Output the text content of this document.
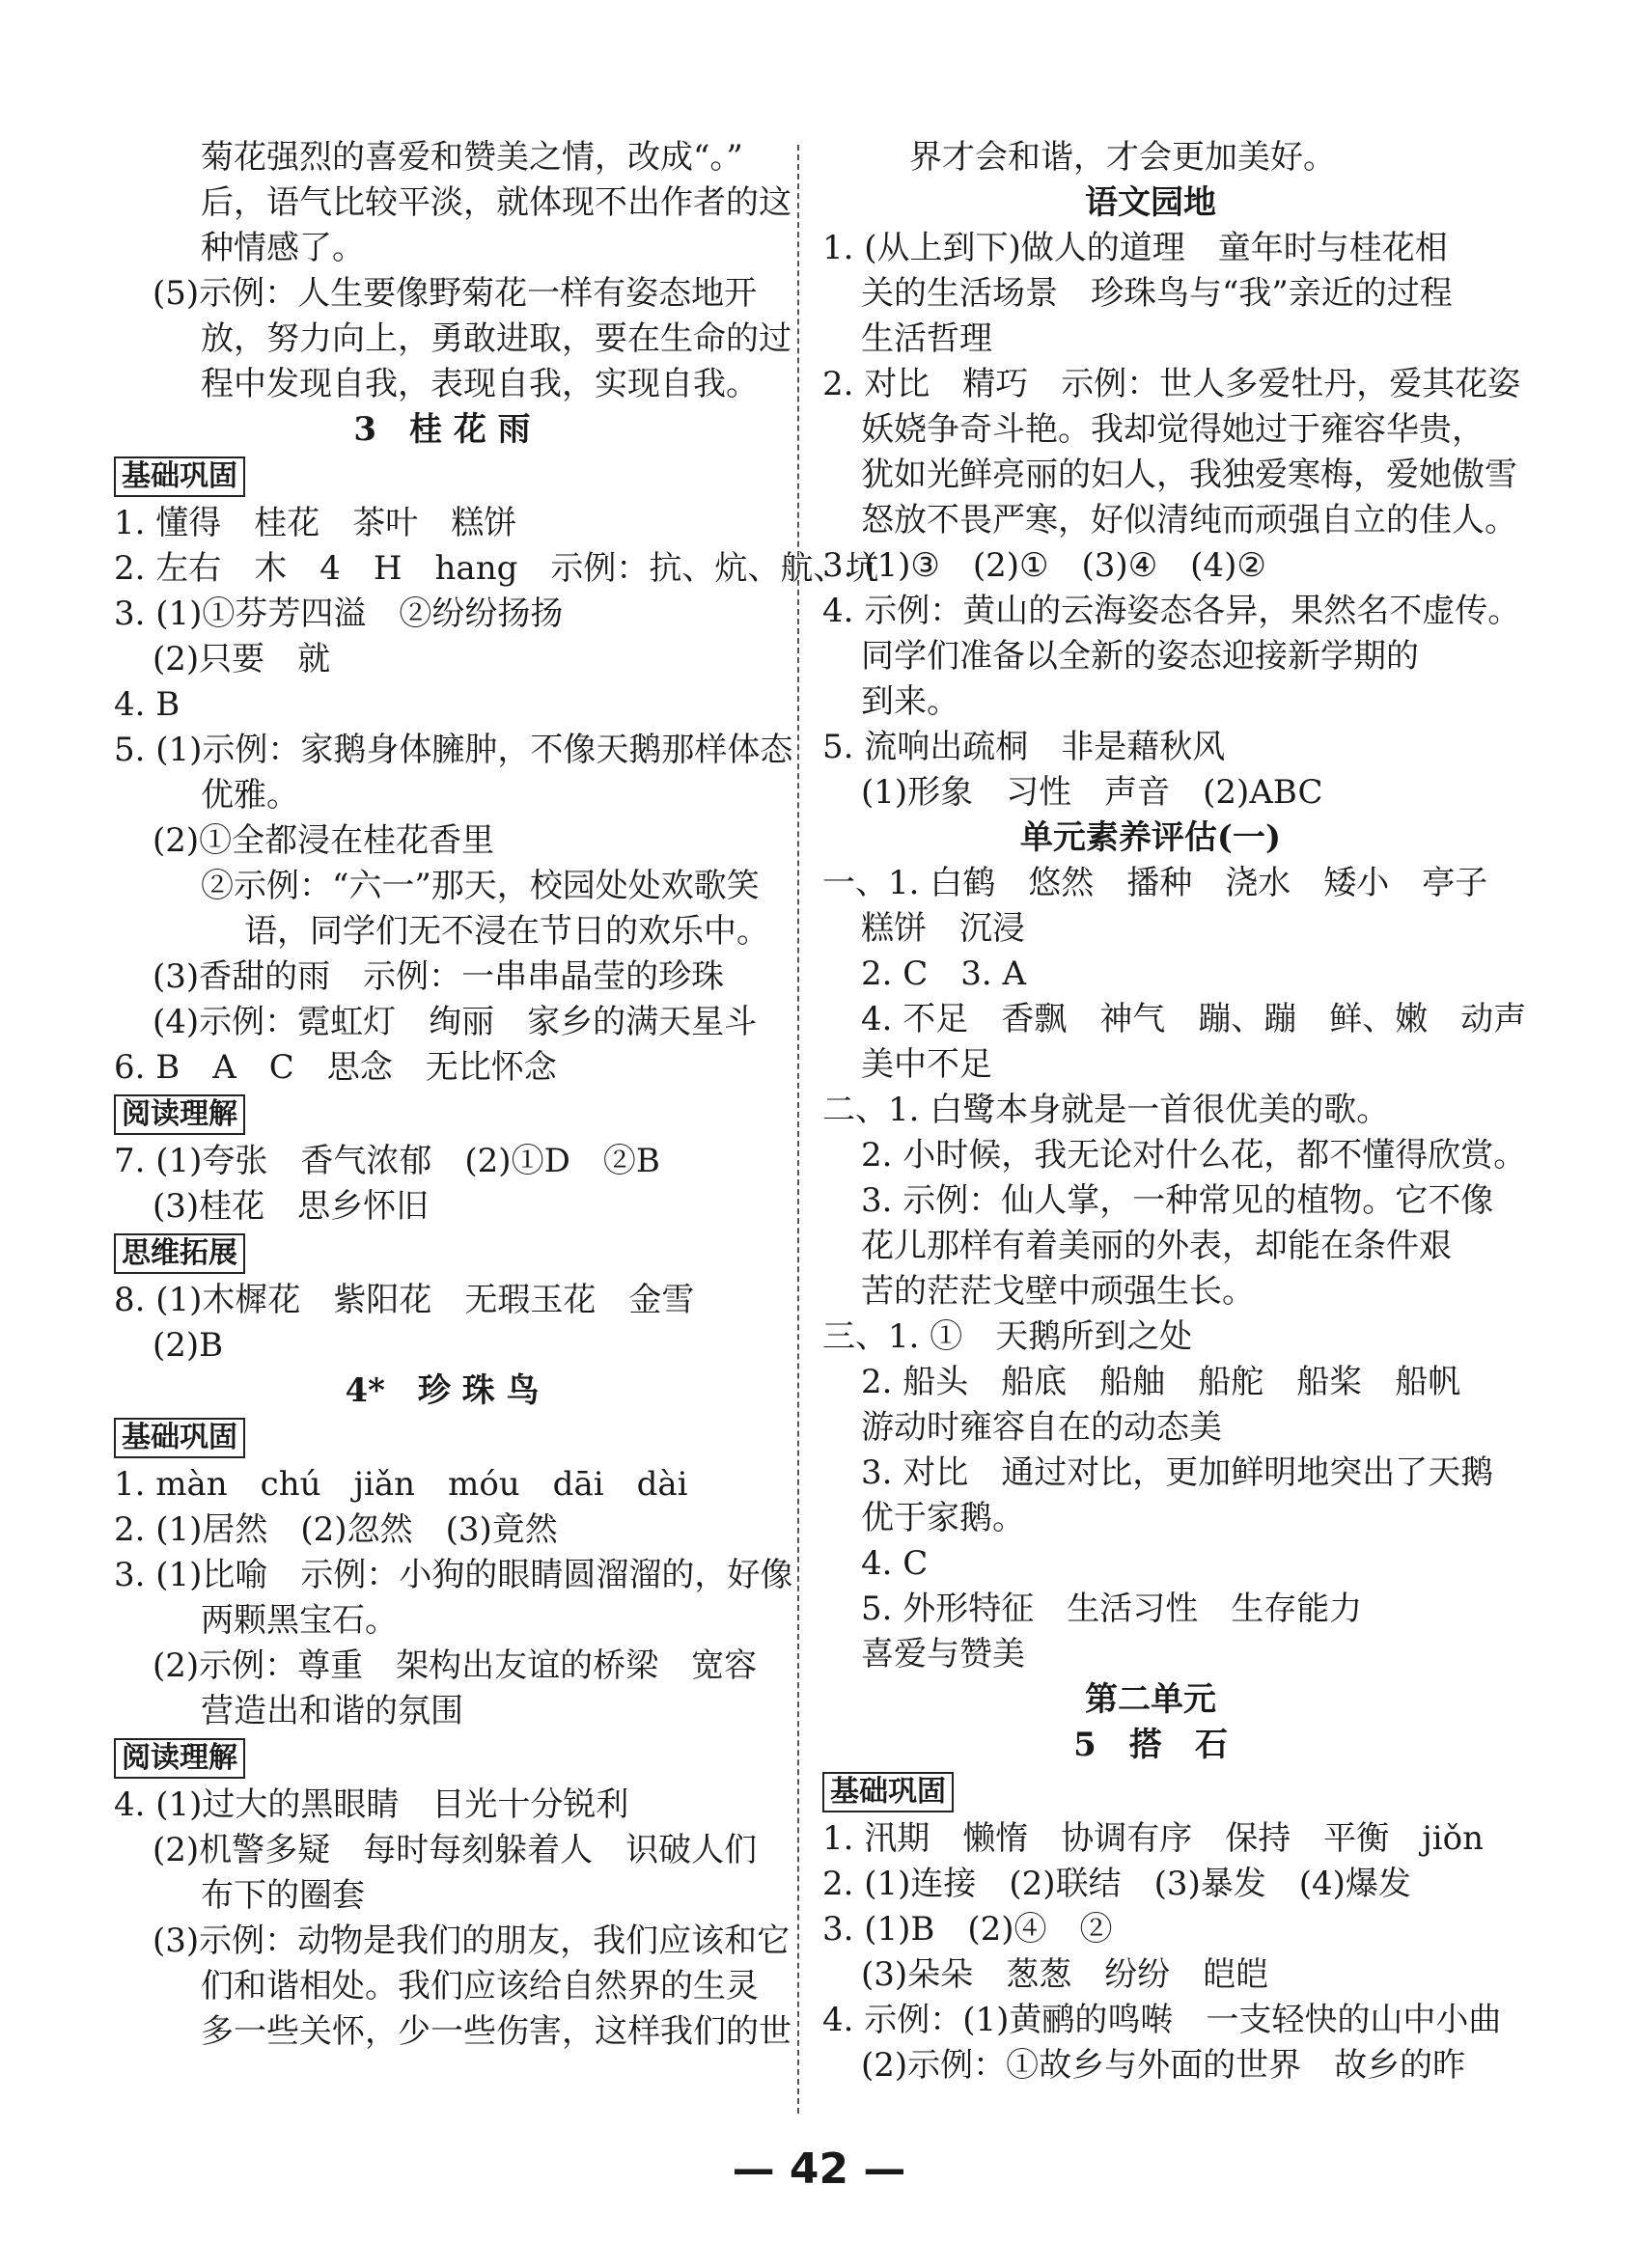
菊花强烈的喜爱和赞美之情，改成“。”
后，语气比较平淡，就体现不出作者的这
种情感了。
(5)示例：人生要像野菊花一样有姿态地开
放，努力向上，勇敢进取，要在生命的过
程中发现自我，表现自我，实现自我。
3　桂 花 雨
基础巩固
1. 懂得　桂花　茶叶　糕饼
2. 左右　木　4　H　hang　示例：抗、炕、航、坑
3. (1)①芬芳四溢　②纷纷扬扬
(2)只要　就
4. B
5. (1)示例：家鹅身体臃肿，不像天鹅那样体态
优雅。
(2)①全都浸在桂花香里
②示例：“六一”那天，校园处处欢歌笑
语，同学们无不浸在节日的欢乐中。
(3)香甜的雨　示例：一串串晶莹的珍珠
(4)示例：霓虹灯　绚丽　家乡的满天星斗
6. B　A　C　思念　无比怀念
阅读理解
7. (1)夸张　香气浓郁　(2)①D　②B
(3)桂花　思乡怀旧
思维拓展
8. (1)木樨花　紫阳花　无瑕玉花　金雪
(2)B
4*　珍 珠 鸟
基础巩固
1. màn　chú　jiǎn　móu　dāi　dài
2. (1)居然　(2)忽然　(3)竟然
3. (1)比喻　示例：小狗的眼睛圆溜溜的，好像
两颗黑宝石。
(2)示例：尊重　架构出友谊的桥梁　宽容
营造出和谐的氛围
阅读理解
4. (1)过大的黑眼睛　目光十分锐利
(2)机警多疑　每时每刻躲着人　识破人们
布下的圈套
(3)示例：动物是我们的朋友，我们应该和它
们和谐相处。我们应该给自然界的生灵
多一些关怀，少一些伤害，这样我们的世
界才会和谐，才会更加美好。
语文园地
1. (从上到下)做人的道理　童年时与桂花相
关的生活场景　珍珠鸟与“我”亲近的过程
生活哲理
2. 对比　精巧　示例：世人多爱牡丹，爱其花姿
妖娆争奇斗艳。我却觉得她过于雍容华贵，
犹如光鲜亮丽的妇人，我独爱寒梅，爱她傲雪
怒放不畏严寒，好似清纯而顽强自立的佳人。
3. (1)③　(2)①　(3)④　(4)②
4. 示例：黄山的云海姿态各异，果然名不虚传。
同学们准备以全新的姿态迎接新学期的
到来。
5. 流响出疏桐　非是藉秋风
(1)形象　习性　声音　(2)ABC
单元素养评估(一)
一、1. 白鹤　悠然　播种　浇水　矮小　亭子
糕饼　沉浸
2. C　3. A
4. 不足　香飘　神气　蹦、蹦　鲜、嫩　动声
美中不足
二、1. 白鹭本身就是一首很优美的歌。
2. 小时候，我无论对什么花，都不懂得欣赏。
3. 示例：仙人掌，一种常见的植物。它不像
花儿那样有着美丽的外表，却能在条件艰
苦的茫茫戈壁中顽强生长。
三、1. ①　天鹅所到之处
2. 船头　船底　船舳　船舵　船桨　船帆
游动时雍容自在的动态美
3. 对比　通过对比，更加鲜明地突出了天鹅
优于家鹅。
4. C
5. 外形特征　生活习性　生存能力
喜爱与赞美
第二单元
5　搭　石
基础巩固
1. 汛期　懒惰　协调有序　保持　平衡　jiǒn
2. (1)连接　(2)联结　(3)暴发　(4)爆发
3. (1)B　(2)④　②
(3)朵朵　葱葱　纷纷　皑皑
4. 示例：(1)黄鹂的鸣啭　一支轻快的山中小曲
(2)示例：①故乡与外面的世界　故乡的昨
— 42 —
